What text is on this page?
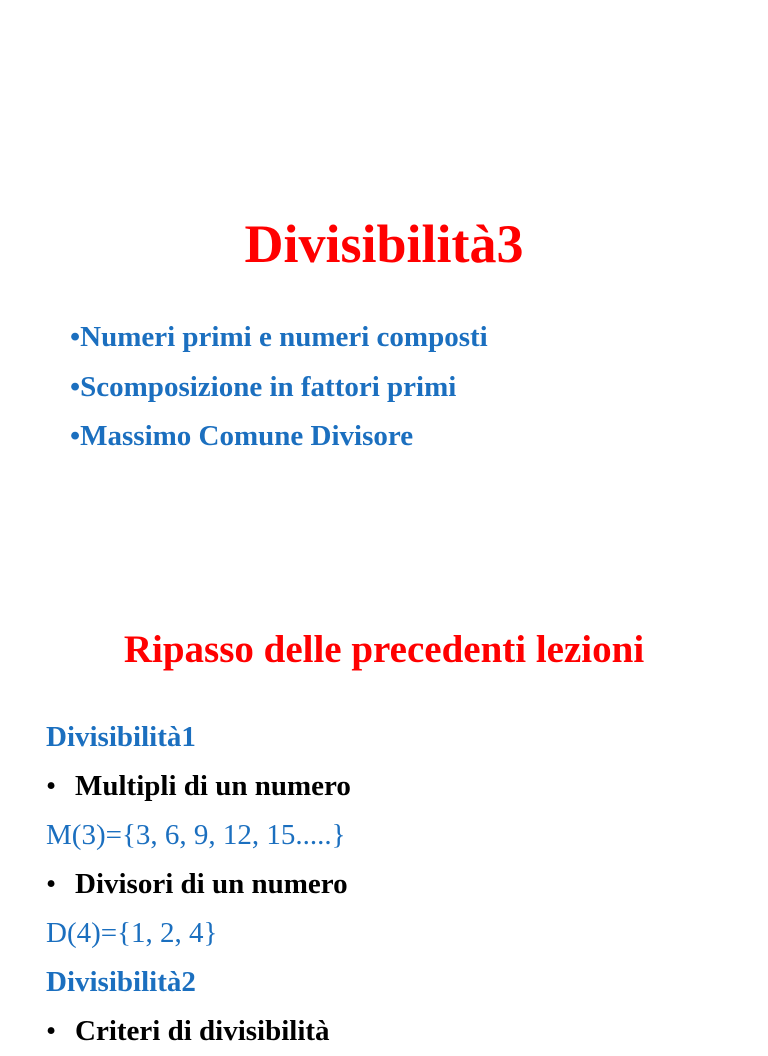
Divisibilità3
•Numeri primi e numeri composti
•Scomposizione in fattori primi
•Massimo Comune Divisore
Ripasso delle precedenti lezioni
Divisibilità1
• Multipli di un numero
M(3)={3, 6, 9, 12, 15.....}
• Divisori di un numero
D(4)={1, 2, 4}
Divisibilità2
• Criteri di divisibilità
